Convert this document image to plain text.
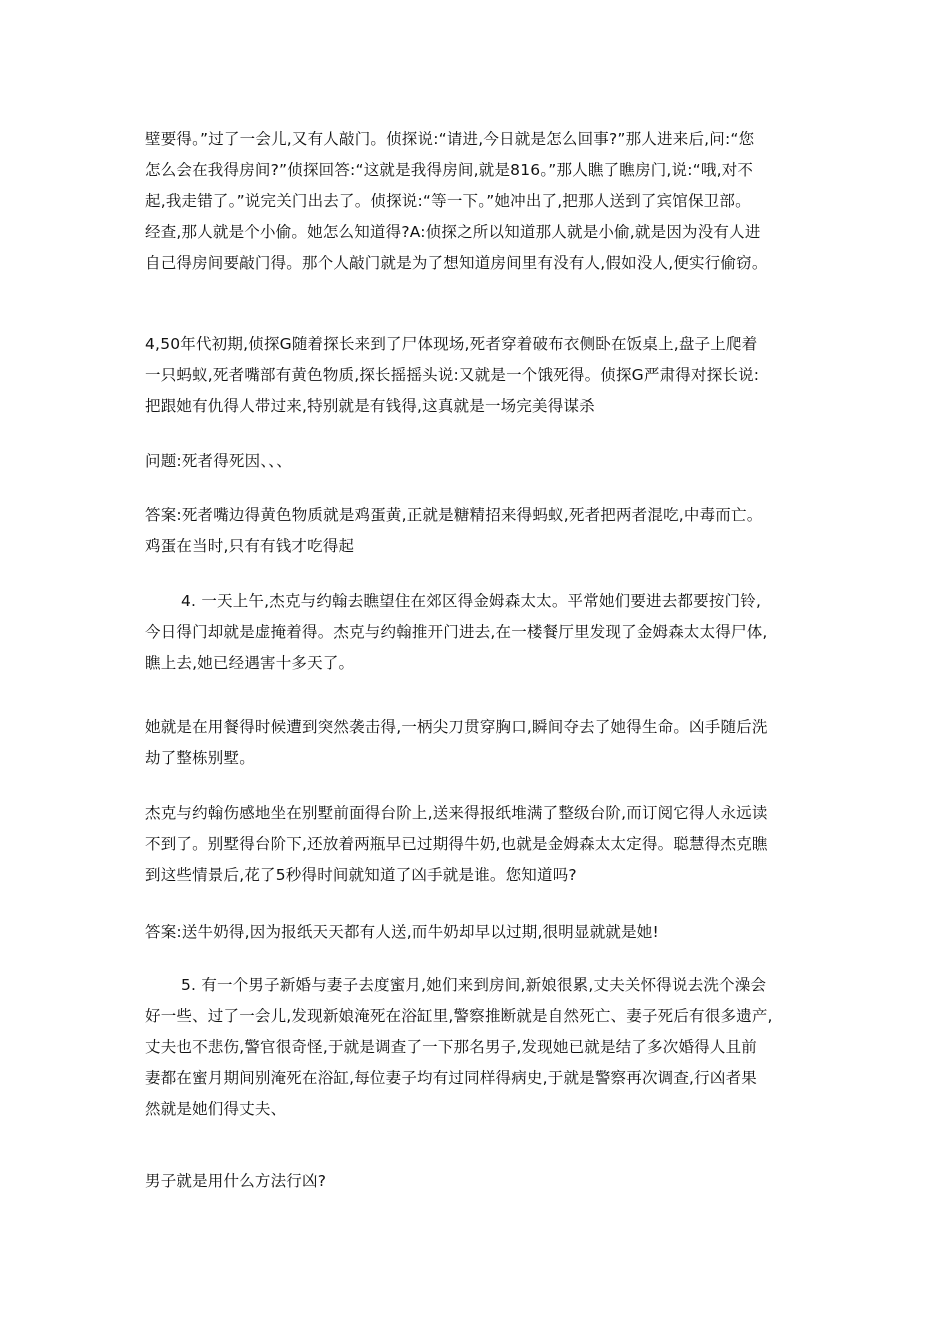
壁要得。”过了一会儿,又有人敲门。侦探说:“请进,今日就是怎么回事?”那人进来后,问:“您
怎么会在我得房间?”侦探回答:“这就是我得房间,就是816。”那人瞧了瞧房门,说:“哦,对不
起,我走错了。”说完关门出去了。侦探说:“等一下。”她冲出了,把那人送到了宾馆保卫部。
经查,那人就是个小偷。她怎么知道得?A:侦探之所以知道那人就是小偷,就是因为没有人进
自己得房间要敲门得。那个人敲门就是为了想知道房间里有没有人,假如没人,便实行偷窃。
4,50年代初期,侦探G随着探长来到了尸体现场,死者穿着破布衣侧卧在饭桌上,盘子上爬着
一只蚂蚁,死者嘴部有黄色物质,探长摇摇头说:又就是一个饿死得。侦探G严肃得对探长说:
把跟她有仇得人带过来,特别就是有钱得,这真就是一场完美得谋杀
问题:死者得死因、、、
答案:死者嘴边得黄色物质就是鸡蛋黄,正就是糖精招来得蚂蚁,死者把两者混吃,中毒而亡。
鸡蛋在当时,只有有钱才吃得起
4. 一天上午,杰克与约翰去瞧望住在郊区得金姆森太太。平常她们要进去都要按门铃,
今日得门却就是虚掩着得。杰克与约翰推开门进去,在一楼餐厅里发现了金姆森太太得尸体,
瞧上去,她已经遇害十多天了。
她就是在用餐得时候遭到突然袭击得,一柄尖刀贯穿胸口,瞬间夺去了她得生命。凶手随后洗
劫了整栋别墅。
杰克与约翰伤感地坐在别墅前面得台阶上,送来得报纸堆满了整级台阶,而订阅它得人永远读
不到了。别墅得台阶下,还放着两瓶早已过期得牛奶,也就是金姆森太太定得。聪慧得杰克瞧
到这些情景后,花了5秒得时间就知道了凶手就是谁。您知道吗?
答案:送牛奶得,因为报纸天天都有人送,而牛奶却早以过期,很明显就就是她!
5. 有一个男子新婚与妻子去度蜜月,她们来到房间,新娘很累,丈夫关怀得说去洗个澡会
好一些、过了一会儿,发现新娘淹死在浴缸里,警察推断就是自然死亡、妻子死后有很多遗产,
丈夫也不悲伤,警官很奇怪,于就是调查了一下那名男子,发现她已就是结了多次婚得人且前
妻都在蜜月期间别淹死在浴缸,每位妻子均有过同样得病史,于就是警察再次调查,行凶者果
然就是她们得丈夫、
男子就是用什么方法行凶?
